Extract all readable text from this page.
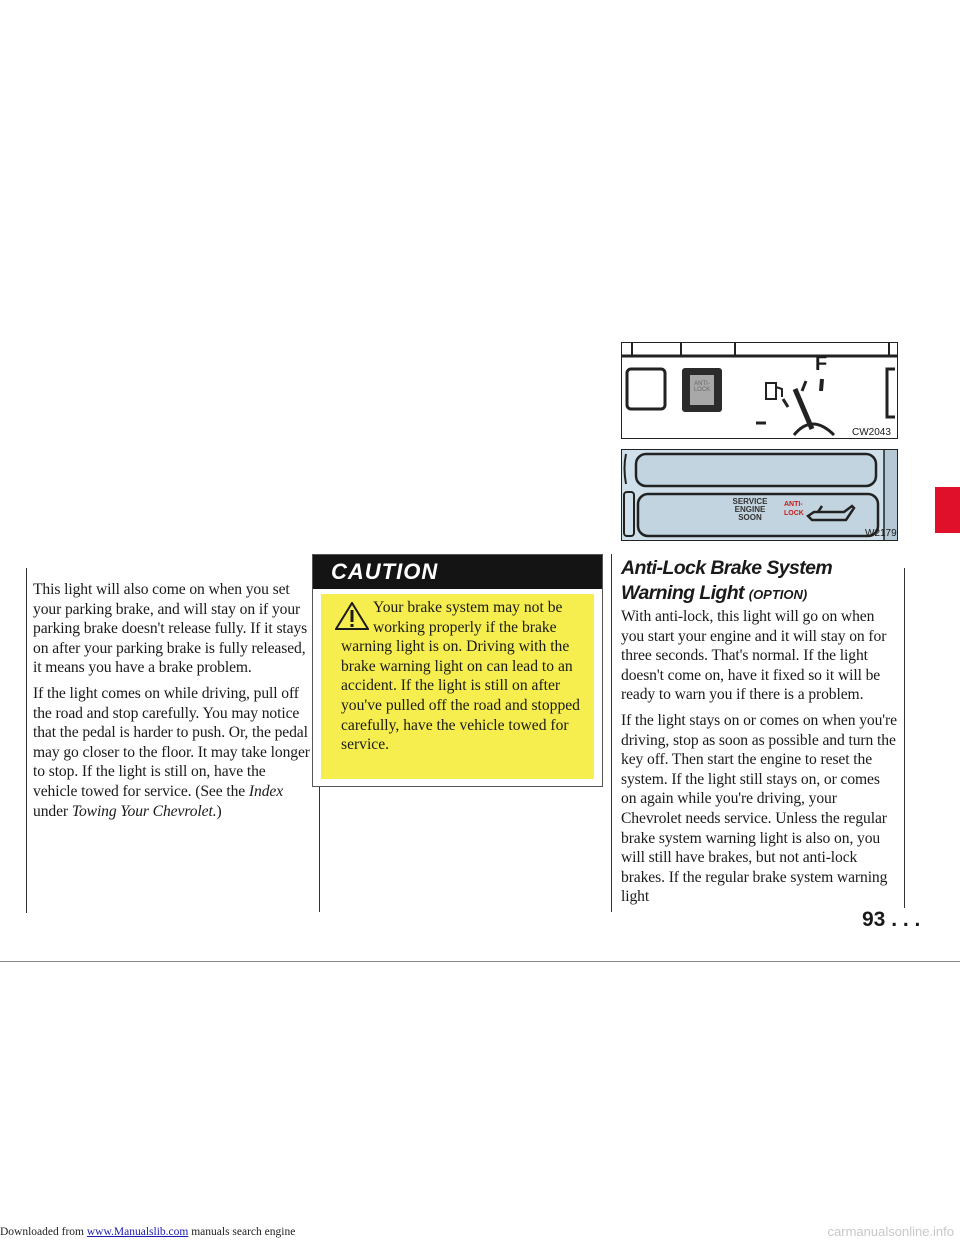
This light will also come on when you set your parking brake, and will stay on if your parking brake doesn't release fully. If it stays on after your parking brake is fully released, it means you have a brake problem.

If the light comes on while driving, pull off the road and stop carefully. You may notice that the pedal is harder to push. Or, the pedal may go closer to the floor. It may take longer to stop. If the light is still on, have the vehicle towed for service. (See the Index under Towing Your Chevrolet.)

CAUTION
Your brake system may not be working properly if the brake warning light is on. Driving with the brake warning light on can lead to an accident. If the light is still on after you've pulled off the road and stopped carefully, have the vehicle towed for service.
F
ANTI-LOCK
CW2043
SERVICE
ENGINE
SOON
ANTI-
LOCK
W2179
Anti-Lock Brake System Warning Light (OPTION)

With anti-lock, this light will go on when you start your engine and it will stay on for three seconds. That's normal. If the light doesn't come on, have it fixed so it will be ready to warn you if there is a problem.

If the light stays on or comes on when you're driving, stop as soon as possible and turn the key off. Then start the engine to reset the system. If the light still stays on, or comes on again while you're driving, your Chevrolet needs service. Unless the regular brake system warning light is also on, you will still have brakes, but not anti-lock brakes. If the regular brake system warning light

93 . . .
Downloaded from www.Manualslib.com manuals search engine	carmanualsonline.info
